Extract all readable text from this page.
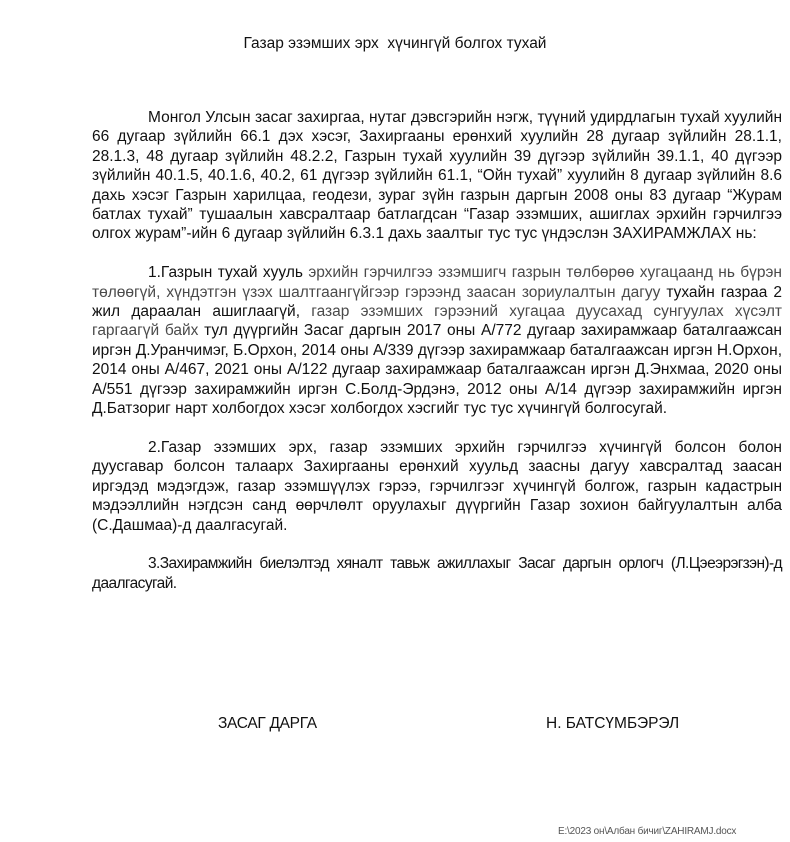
Газар эзэмших эрх  хүчингүй болгох тухай

Монгол Улсын засаг захиргаа, нутаг дэвсгэрийн нэгж, түүний удирдлагын тухай хуулийн 66 дугаар зүйлийн 66.1 дэх хэсэг, Захиргааны ерөнхий хуулийн 28 дугаар зүйлийн 28.1.1, 28.1.3, 48 дугаар зүйлийн 48.2.2, Газрын тухай хуулийн 39 дүгээр зүйлийн 39.1.1, 40 дүгээр зүйлийн 40.1.5, 40.1.6, 40.2, 61 дүгээр зүйлийн 61.1, “Ойн тухай” хуулийн 8 дугаар зүйлийн 8.6 дахь хэсэг Газрын харилцаа, геодези, зураг зүйн газрын даргын 2008 оны 83 дугаар “Журам батлах тухай” тушаалын хавсралтаар батлагдсан “Газар эзэмших, ашиглах эрхийн гэрчилгээ олгох журам”-ийн 6 дугаар зүйлийн 6.3.1 дахь заалтыг тус тус үндэслэн ЗАХИРАМЖЛАХ нь:

1.Газрын тухай хууль эрхийн гэрчилгээ эзэмшигч газрын төлбөрөө хугацаанд нь бүрэн төлөөгүй, хүндэтгэн үзэх шалтгаангүйгээр гэрээнд заасан зориулалтын дагуу тухайн газраа 2 жил дараалан ашиглаагүй, газар эзэмших гэрээний хугацаа дуусахад сунгуулах хүсэлт гаргаагүй байх тул дүүргийн Засаг даргын 2017 оны А/772 дугаар захирамжаар баталгаажсан иргэн Д.Уранчимэг, Б.Орхон, 2014 оны А/339 дүгээр захирамжаар баталгаажсан иргэн Н.Орхон, 2014 оны А/467, 2021 оны А/122 дугаар захирамжаар баталгаажсан иргэн Д.Энхмаа, 2020 оны А/551 дүгээр захирамжийн иргэн С.Болд-Эрдэнэ, 2012 оны А/14 дүгээр захирамжийн иргэн Д.Батзориг нарт холбогдох хэсэг холбогдох хэсгийг тус тус хүчингүй болгосугай.

2.Газар эзэмших эрх, газар эзэмших эрхийн гэрчилгээ хүчингүй болсон болон дуусгавар болсон талаарх Захиргааны ерөнхий хуульд заасны дагуу хавсралтад заасан иргэдэд мэдэгдэж, газар эзэмшүүлэх гэрээ, гэрчилгээг хүчингүй болгож, газрын кадастрын мэдээллийн нэгдсэн санд өөрчлөлт оруулахыг дүүргийн Газар зохион байгуулалтын алба (С.Дашмаа)-д даалгасугай.

3.Захирамжийн биелэлтэд хяналт тавьж ажиллахыг Засаг даргын орлогч (Л.Цэеэрэгзэн)-д даалгасугай.

ЗАСАГ ДАРГА	Н. БАТСҮМБЭРЭЛ
E:\2023 он\Албан бичиг\ZAHIRAMJ.docx
